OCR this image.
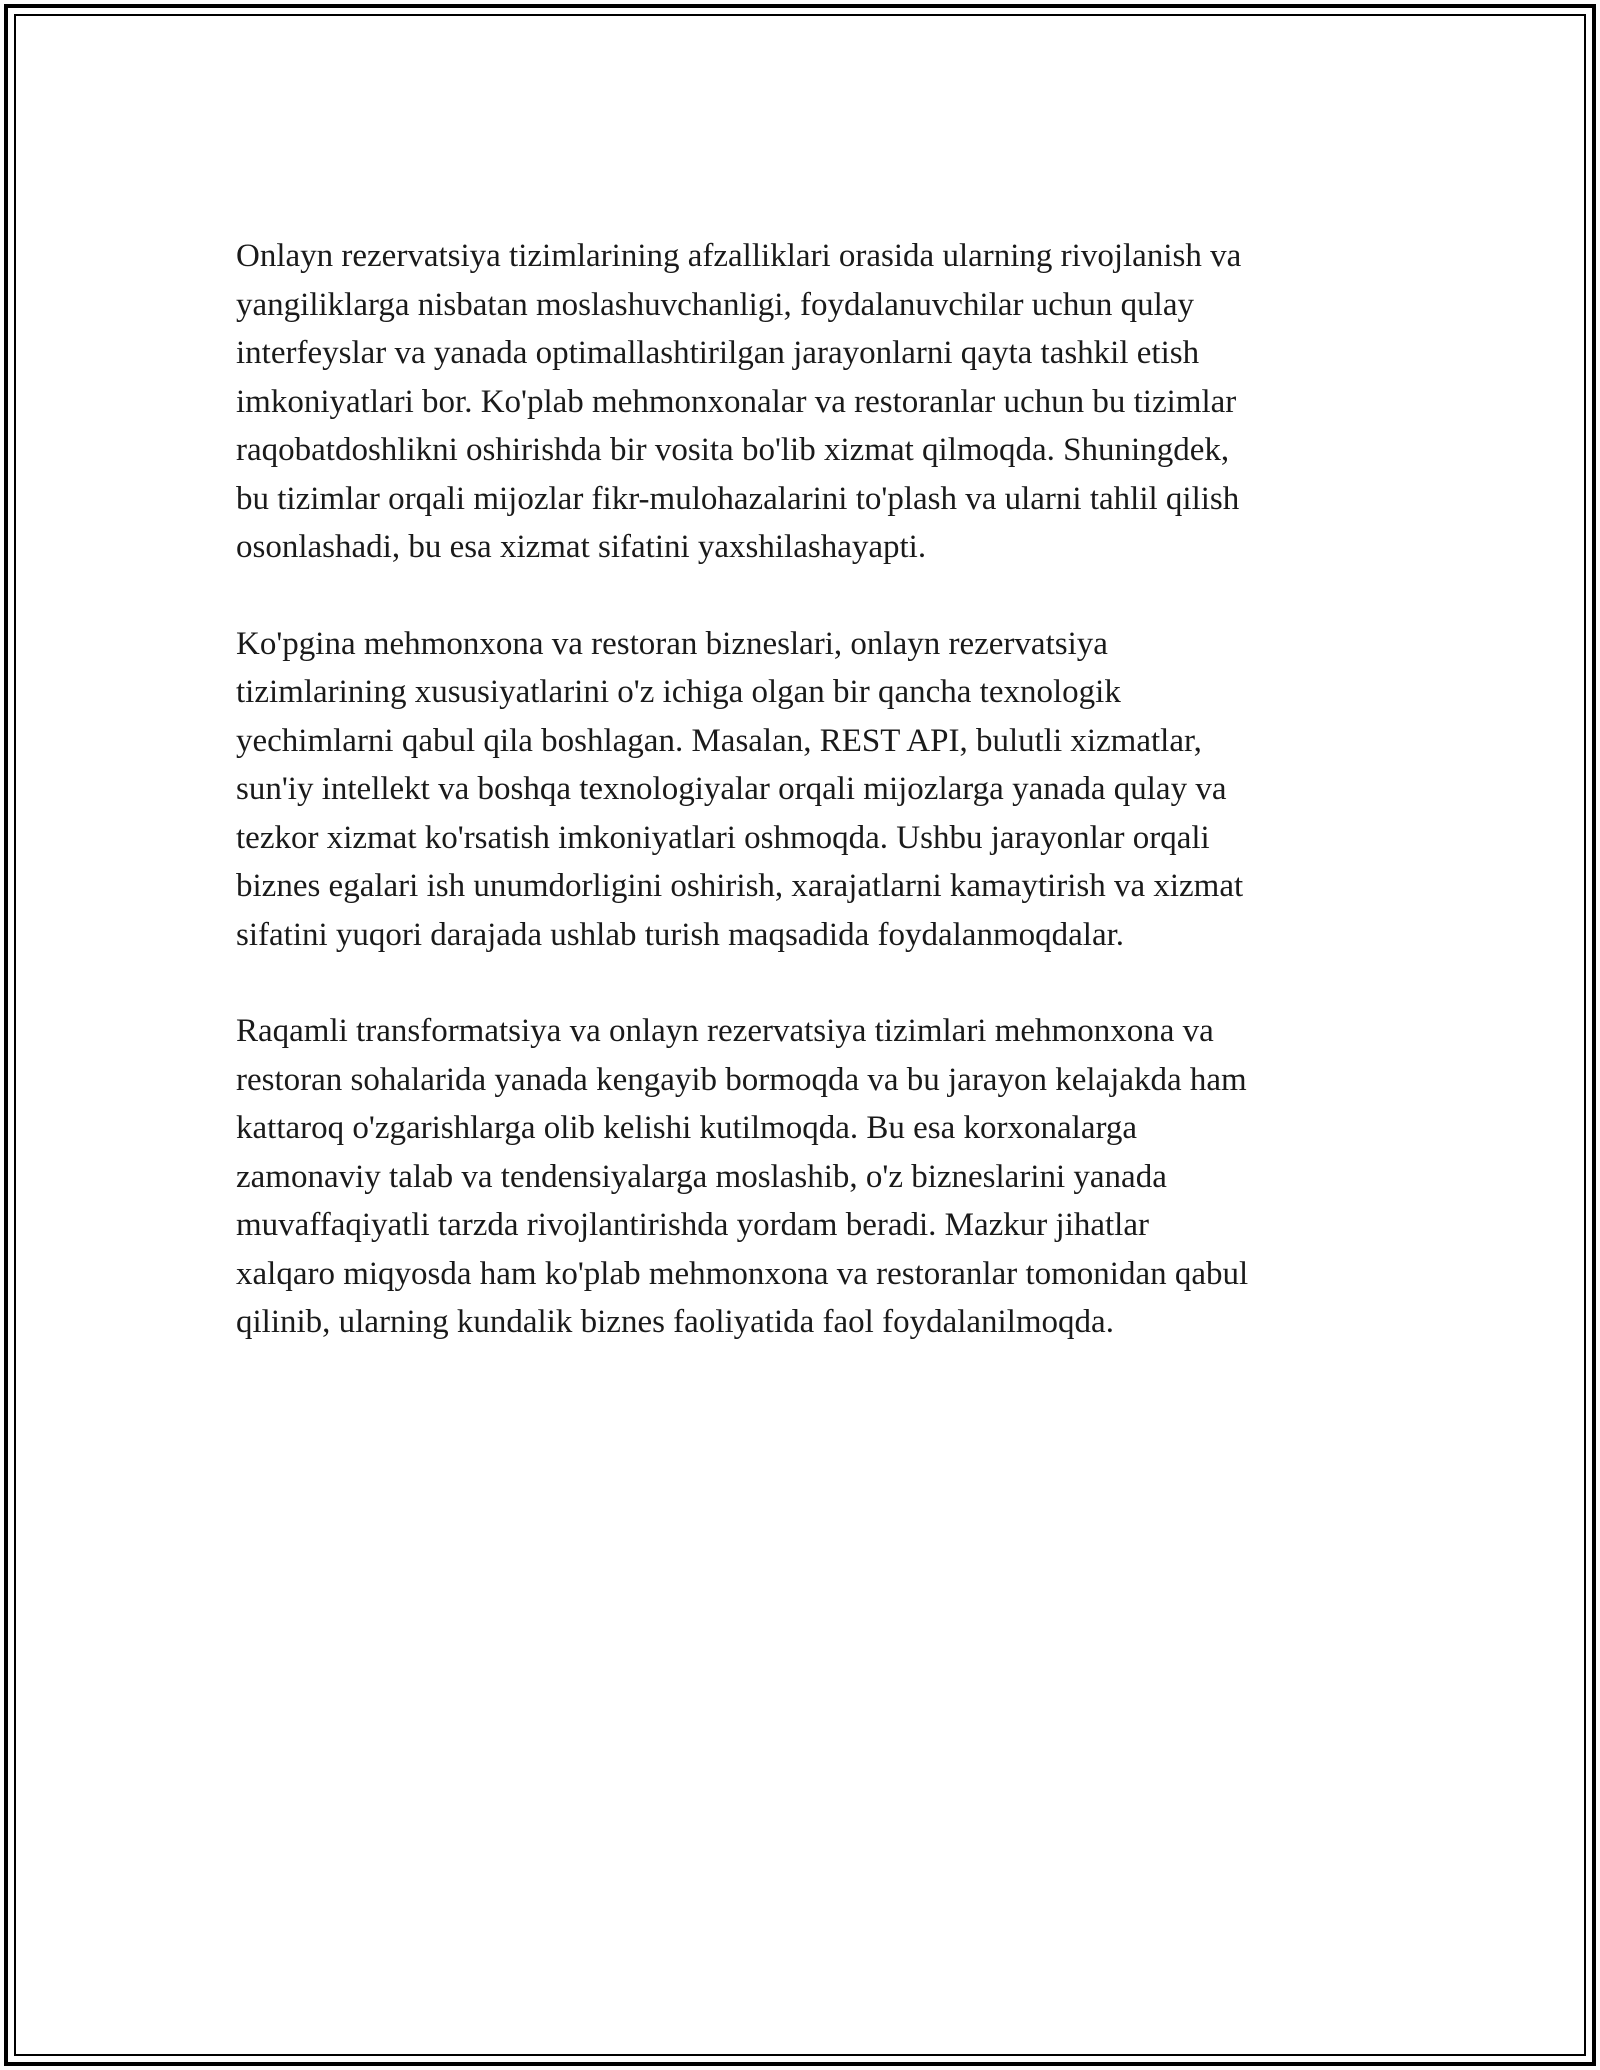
Onlayn rezervatsiya tizimlarining afzalliklari orasida ularning rivojlanish va
yangiliklarga nisbatan moslashuvchanligi, foydalanuvchilar uchun qulay
interfeyslar va yanada optimallashtirilgan jarayonlarni qayta tashkil etish
imkoniyatlari bor. Ko'plab mehmonxonalar va restoranlar uchun bu tizimlar
raqobatdoshlikni oshirishda bir vosita bo'lib xizmat qilmoqda. Shuningdek,
bu tizimlar orqali mijozlar fikr-mulohazalarini to'plash va ularni tahlil qilish
osonlashadi, bu esa xizmat sifatini yaxshilashayapti.

Ko'pgina mehmonxona va restoran bizneslari, onlayn rezervatsiya
tizimlarining xususiyatlarini o'z ichiga olgan bir qancha texnologik
yechimlarni qabul qila boshlagan. Masalan, REST API, bulutli xizmatlar,
sun'iy intellekt va boshqa texnologiyalar orqali mijozlarga yanada qulay va
tezkor xizmat ko'rsatish imkoniyatlari oshmoqda. Ushbu jarayonlar orqali
biznes egalari ish unumdorligini oshirish, xarajatlarni kamaytirish va xizmat
sifatini yuqori darajada ushlab turish maqsadida foydalanmoqdalar.

Raqamli transformatsiya va onlayn rezervatsiya tizimlari mehmonxona va
restoran sohalarida yanada kengayib bormoqda va bu jarayon kelajakda ham
kattaroq o'zgarishlarga olib kelishi kutilmoqda. Bu esa korxonalarga
zamonaviy talab va tendensiyalarga moslashib, o'z bizneslarini yanada
muvaffaqiyatli tarzda rivojlantirishda yordam beradi. Mazkur jihatlar
xalqaro miqyosda ham ko'plab mehmonxona va restoranlar tomonidan qabul
qilinib, ularning kundalik biznes faoliyatida faol foydalanilmoqda.
